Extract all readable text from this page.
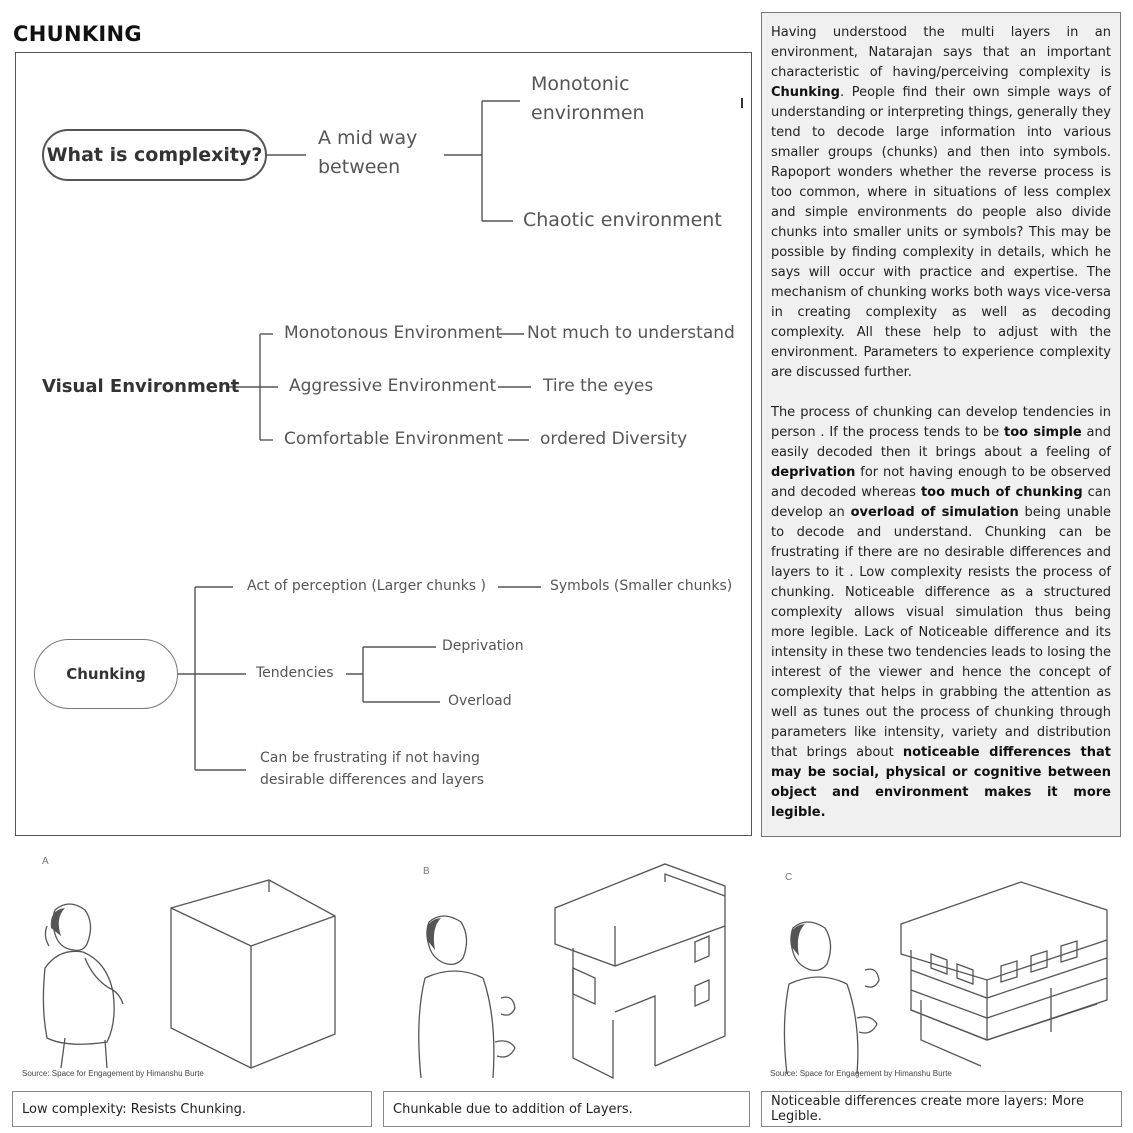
CHUNKING
What is complexity?
A mid way
between
Monotonic
environmen
Chaotic environment
Visual Environment
Monotonous Environment
Aggressive Environment
Comfortable Environment
Not much to understand
Tire the eyes
ordered Diversity
Chunking
Act of perception (Larger chunks )	Symbols (Smaller chunks)
Tendencies
Deprivation
Overload
Can be frustrating if not having
desirable differences and layers

Having understood the multi layers in an environment, Natarajan says that an important characteristic of having/perceiving complexity is Chunking. People find their own simple ways of understanding or interpreting things, generally they tend to decode large information into various smaller groups (chunks) and then into symbols. Rapoport wonders whether the reverse process is too common, where in situations of less complex and simple environments do people also divide chunks into smaller units or symbols? This may be possible by finding complexity in details, which he says will occur with practice and expertise. The mechanism of chunking works both ways vice-versa in creating complexity as well as decoding complexity. All these help to adjust with the environment. Parameters to experience complexity are discussed further.

The process of chunking can develop tendencies in person . If the process tends to be too simple and easily decoded then it brings about a feeling of deprivation for not having enough to be observed and decoded whereas too much of chunking can develop an overload of simulation being unable to decode and understand. Chunking can be frustrating if there are no desirable differences and layers to it . Low complexity resists the process of chunking. Noticeable difference as a structured complexity allows visual simulation thus being more legible. Lack of Noticeable difference and its intensity in these two tendencies leads to losing the interest of the viewer and hence the concept of complexity that helps in grabbing the attention as well as tunes out the process of chunking through parameters like intensity, variety and distribution that brings about noticeable differences that may be social, physical or cognitive between object and environment makes it more legible.

A
Source: Space for Engagement by Himanshu Burte
B
C
Source: Space for Engagement by Himanshu Burte
Low complexity: Resists Chunking.	Chunkable due to addition of Layers.	Noticeable differences create more layers: More Legible.
